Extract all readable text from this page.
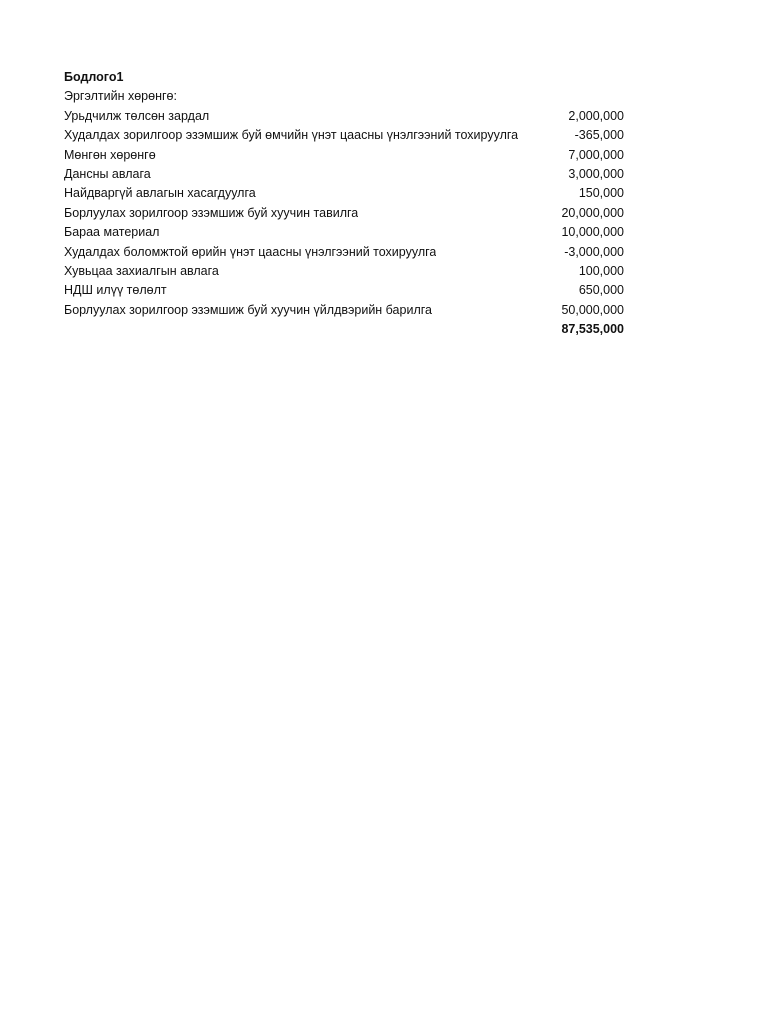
Бодлого1
Эргэлтийн хөрөнгө:
Урьдчилж төлсөн зардал	2,000,000
Худалдах зорилгоор эзэмшиж буй өмчийн үнэт цаасны үнэлгээний тохируулга	-365,000
Мөнгөн хөрөнгө	7,000,000
Дансны авлага	3,000,000
Найдваргүй авлагын хасагдуулга	150,000
Борлуулах зорилгоор эзэмшиж буй хуучин тавилга	20,000,000
Бараа материал	10,000,000
Худалдах боломжтой өрийн үнэт цаасны үнэлгээний тохируулга	-3,000,000
Хувьцаа захиалгын авлага	100,000
НДШ илүү төлөлт	650,000
Борлуулах зорилгоор эзэмшиж буй хуучин үйлдвэрийн барилга	50,000,000
87,535,000
